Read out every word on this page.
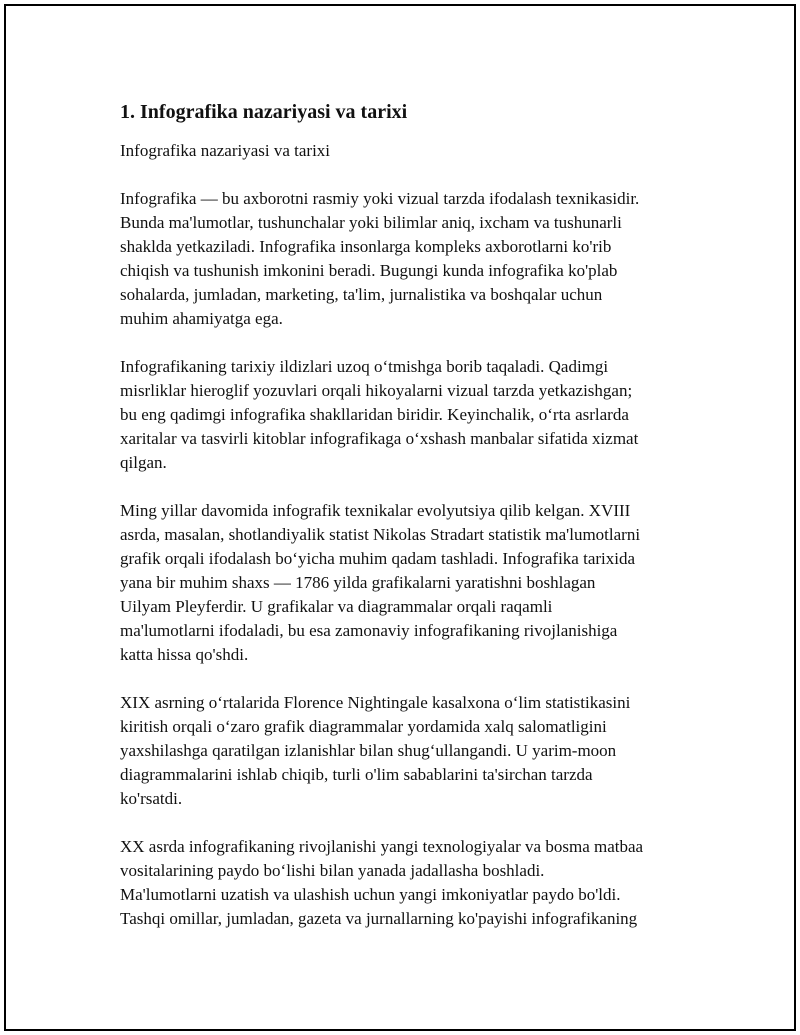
1. Infografika nazariyasi va tarixi
Infografika nazariyasi va tarixi
Infografika — bu axborotni rasmiy yoki vizual tarzda ifodalash texnikasidir.
Bunda ma'lumotlar, tushunchalar yoki bilimlar aniq, ixcham va tushunarli
shaklda yetkaziladi. Infografika insonlarga kompleks axborotlarni ko'rib
chiqish va tushunish imkonini beradi. Bugungi kunda infografika ko'plab
sohalarda, jumladan, marketing, ta'lim, jurnalistika va boshqalar uchun
muhim ahamiyatga ega.
Infografikaning tarixiy ildizlari uzoq o‘tmishga borib taqaladi. Qadimgi
misrliklar hieroglif yozuvlari orqali hikoyalarni vizual tarzda yetkazishgan;
bu eng qadimgi infografika shakllaridan biridir. Keyinchalik, o‘rta asrlarda
xaritalar va tasvirli kitoblar infografikaga o‘xshash manbalar sifatida xizmat
qilgan.
Ming yillar davomida infografik texnikalar evolyutsiya qilib kelgan. XVIII
asrda, masalan, shotlandiyalik statist Nikolas Stradart statistik ma'lumotlarni
grafik orqali ifodalash bo‘yicha muhim qadam tashladi. Infografika tarixida
yana bir muhim shaxs — 1786 yilda grafikalarni yaratishni boshlagan
Uilyam Pleyferdir. U grafikalar va diagrammalar orqali raqamli
ma'lumotlarni ifodaladi, bu esa zamonaviy infografikaning rivojlanishiga
katta hissa qo'shdi.
XIX asrning o‘rtalarida Florence Nightingale kasalxona o‘lim statistikasini
kiritish orqali o‘zaro grafik diagrammalar yordamida xalq salomatligini
yaxshilashga qaratilgan izlanishlar bilan shug‘ullangandi. U yarim-moon
diagrammalarini ishlab chiqib, turli o'lim sabablarini ta'sirchan tarzda
ko'rsatdi.
XX asrda infografikaning rivojlanishi yangi texnologiyalar va bosma matbaa
vositalarining paydo bo‘lishi bilan yanada jadallasha boshladi.
Ma'lumotlarni uzatish va ulashish uchun yangi imkoniyatlar paydo bo'ldi.
Tashqi omillar, jumladan, gazeta va jurnallarning ko'payishi infografikaning
